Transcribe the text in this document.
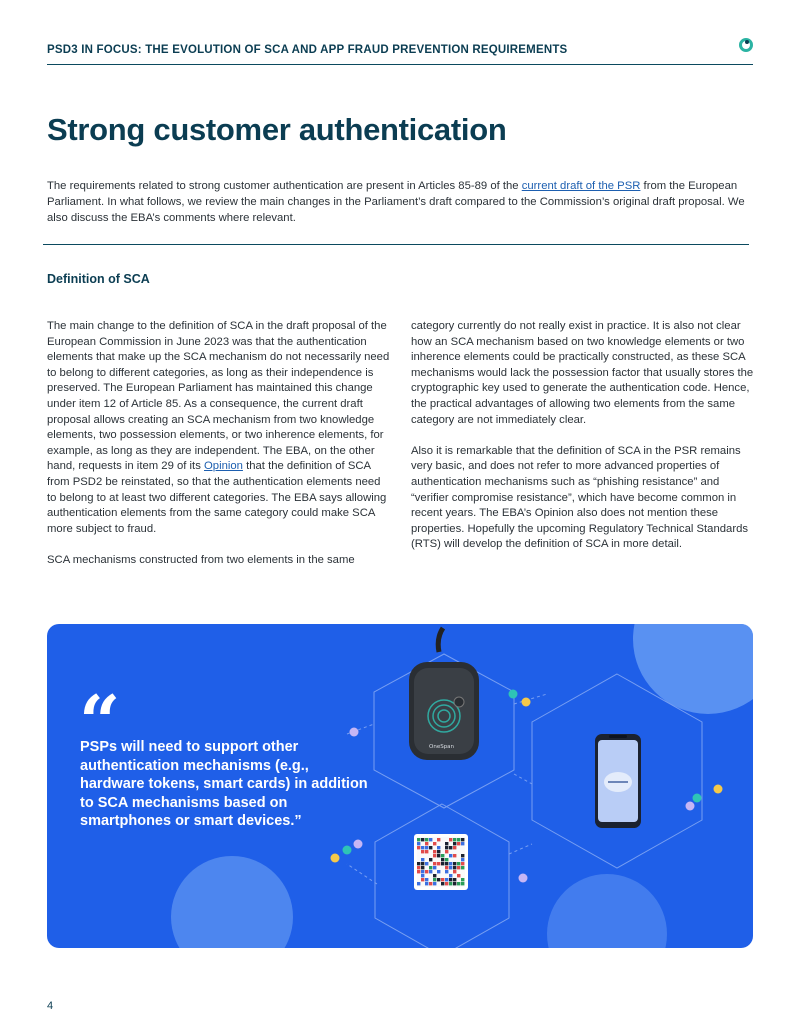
PSD3 IN FOCUS: THE EVOLUTION OF SCA AND APP FRAUD PREVENTION REQUIREMENTS
Strong customer authentication

The requirements related to strong customer authentication are present in Articles 85-89 of the current draft of the PSR from the European Parliament. In what follows, we review the main changes in the Parliament’s draft compared to the Commission’s original draft proposal. We also discuss the EBA’s comments where relevant.

Definition of SCA

The main change to the definition of SCA in the draft proposal of the European Commission in June 2023 was that the authentication elements that make up the SCA mechanism do not necessarily need to belong to different categories, as long as their independence is preserved. The European Parliament has maintained this change under item 12 of Article 85. As a consequence, the current draft proposal allows creating an SCA mechanism from two knowledge elements, two possession elements, or two inherence elements, for example, as long as they are independent. The EBA, on the other hand, requests in item 29 of its Opinion that the definition of SCA from PSD2 be reinstated, so that the authentication elements need to belong to at least two different categories. The EBA says allowing authentication elements from the same category could make SCA more subject to fraud.

SCA mechanisms constructed from two elements in the same

category currently do not really exist in practice. It is also not clear how an SCA mechanism based on two knowledge elements or two inherence elements could be practically constructed, as these SCA mechanisms would lack the possession factor that usually stores the cryptographic key used to generate the authentication code. Hence, the practical advantages of allowing two elements from the same category are not immediately clear.

Also it is remarkable that the definition of SCA in the PSR remains very basic, and does not refer to more advanced properties of authentication mechanisms such as “phishing resistance” and “verifier compromise resistance”, which have become common in recent years. The EBA’s Opinion also does not mention these properties. Hopefully the upcoming Regulatory Technical Standards (RTS) will develop the definition of SCA in more detail.

OneSpan
“

PSPs will need to support other authentication mechanisms (e.g., hardware tokens, smart cards) in addition to SCA mechanisms based on smartphones or smart devices.”

4
